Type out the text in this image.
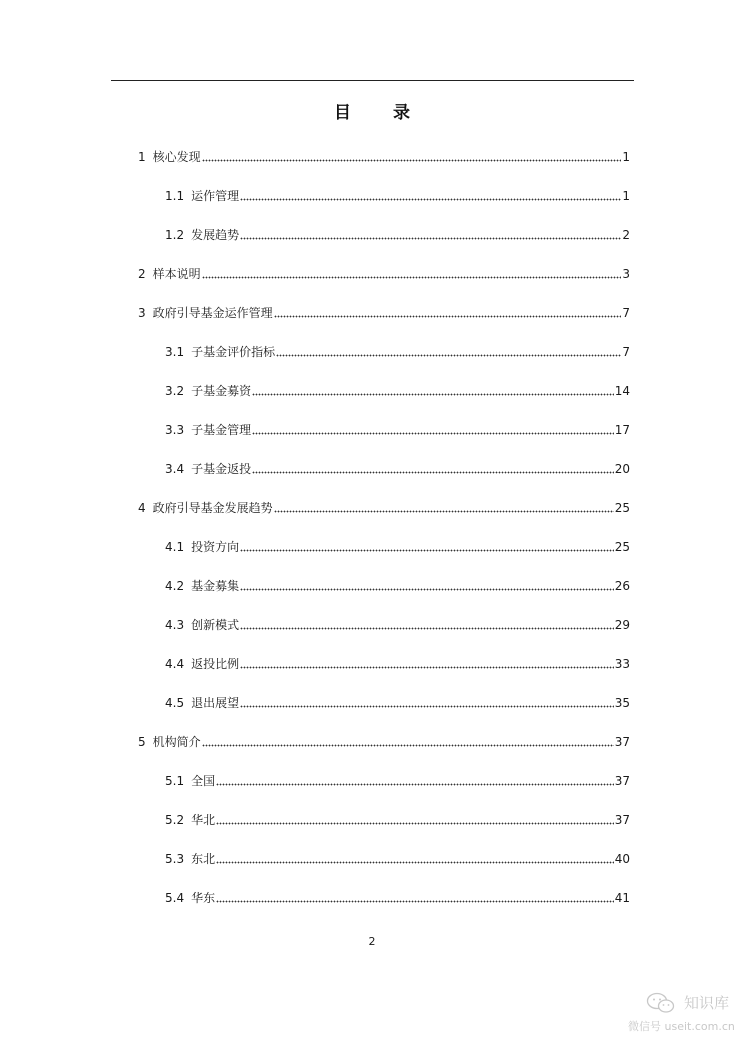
目 录
1 核心发现	1
1.1 运作管理	1
1.2 发展趋势	2
2 样本说明	3
3 政府引导基金运作管理	7
3.1 子基金评价指标	7
3.2 子基金募资	14
3.3 子基金管理	17
3.4 子基金返投	20
4 政府引导基金发展趋势	25
4.1 投资方向	25
4.2 基金募集	26
4.3 创新模式	29
4.4 返投比例	33
4.5 退出展望	35
5 机构简介	37
5.1 全国	37
5.2 华北	37
5.3 东北	40
5.4 华东	41
2
知识库
微信号 useit.com.cn
